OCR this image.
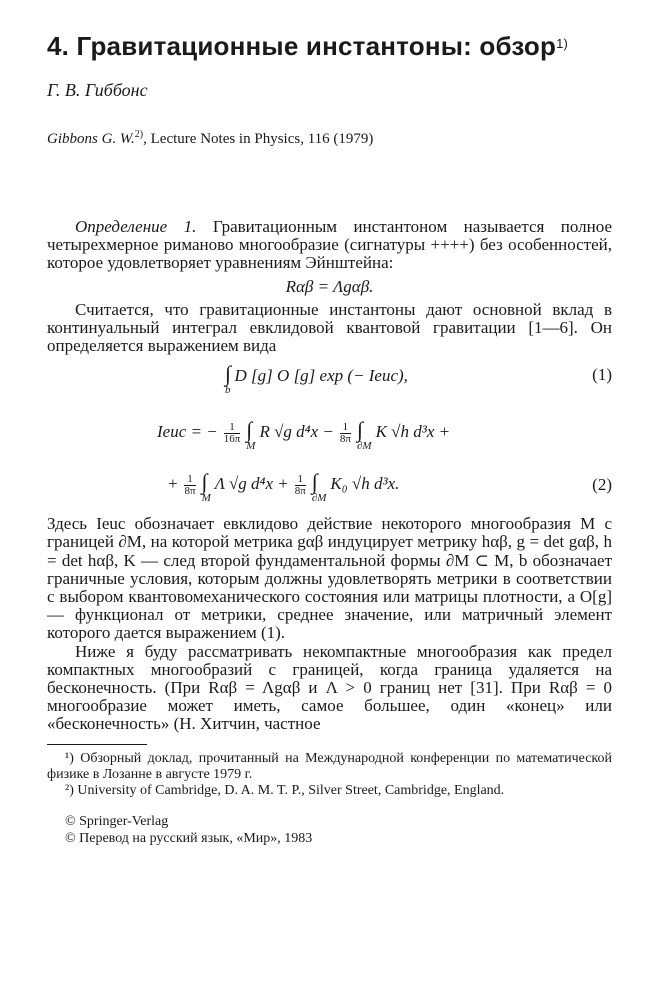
4. Гравитационные инстантоны: обзор$^{1)}$
Г. В. Гиббонс
Gibbons G. W.$^{2)}$, Lecture Notes in Physics, 116 (1979)

Определение 1. Гравитационным инстантоном называется полное четырехмерное риманово многообразие (сигнатуры ++++) без особенностей, которое удовлетворяет уравнениям Эйнштейна:

Rαβ = Λgαβ.

Считается, что гравитационные инстантоны дают основной вклад в континуальный интеграл евклидовой квантовой гравитации [1—6]. Он определяется выражением вида

$\int_bD$ [g] O [g] exp (− Ieuc),	(1)
Ieuc = − $\frac{1}{16\pi} \int_MR$ √g $d^4x - \frac{1}{8\pi} \int_{\partial M}K$ √h d³x +
+ $\frac{1}{8\pi} \int_M\Lambda$ √g $d^4x + \frac{1}{8\pi} \int_{\partial M}K_0$ √h d³x.	(2)

Здесь Ieuc обозначает евклидово действие некоторого многообразия M с границей ∂M, на которой метрика gαβ индуцирует метрику hαβ, g = det gαβ, h = det hαβ, K — след второй фундаментальной формы ∂M ⊂ M, b обозначает граничные условия, которым должны удовлетворять метрики в соответствии с выбором квантовомеханического состояния или матрицы плотности, а O[g] — функционал от метрики, среднее значение, или матричный элемент которого дается выражением (1).

Ниже я буду рассматривать некомпактные многообразия как предел компактных многообразий с границей, когда граница удаляется на бесконечность. (При Rαβ = Λgαβ и Λ > 0 границ нет [31]. При Rαβ = 0 многообразие может иметь, самое большее, один «конец» или «бесконечность» (Н. Хитчин, частное

¹) Обзорный доклад, прочитанный на Международной конференции по математической физике в Лозанне в августе 1979 г.

²) University of Cambridge, D. A. M. T. P., Silver Street, Cambridge, England.

© Springer-Verlag
© Перевод на русский язык, «Мир», 1983
